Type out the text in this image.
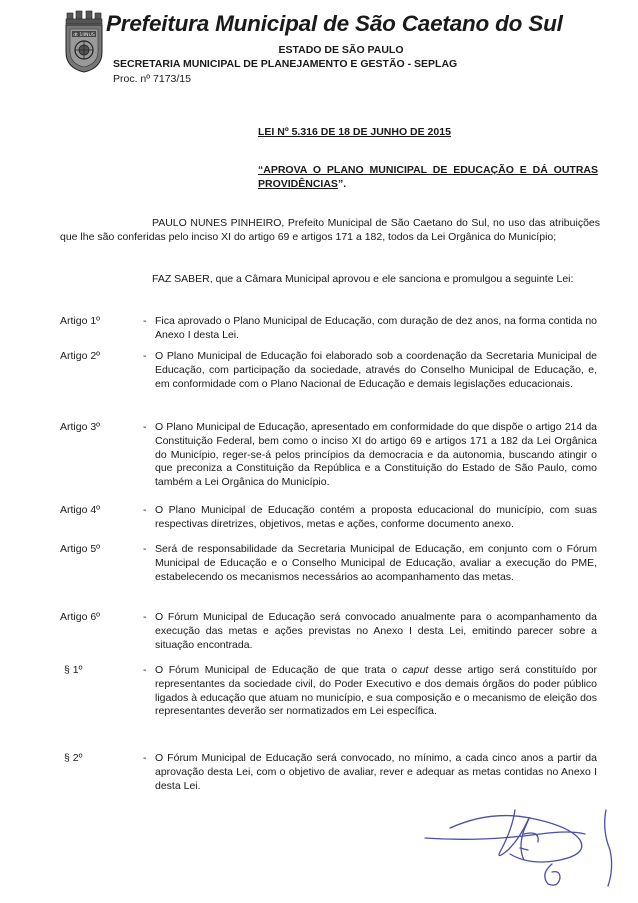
dt 1IINUS Prefeitura Municipal de São Caetano do Sul
ESTADO DE SÃO PAULO
SECRETARIA MUNICIPAL DE PLANEJAMENTO E GESTÃO - SEPLAG
Proc. nº 7173/15
LEI Nº 5.316 DE 18 DE JUNHO DE 2015
“APROVA O PLANO MUNICIPAL DE EDUCAÇÃO E DÁ OUTRAS PROVIDÊNCIAS”.
PAULO NUNES PINHEIRO, Prefeito Municipal de São Caetano do Sul, no uso das atribuições que lhe são conferidas pelo inciso XI do artigo 69 e artigos 171 a 182, todos da Lei Orgânica do Município;
FAZ SABER, que a Câmara Municipal aprovou e ele sanciona e promulgou a seguinte Lei:
Artigo 1º	- Fica aprovado o Plano Municipal de Educação, com duração de dez anos, na forma contida no Anexo I desta Lei.
Artigo 2º	- O Plano Municipal de Educação foi elaborado sob a coordenação da Secretaria Municipal de Educação, com participação da sociedade, através do Conselho Municipal de Educação, e, em conformidade com o Plano Nacional de Educação e demais legislações educacionais.
Artigo 3º	- O Plano Municipal de Educação, apresentado em conformidade do que dispõe o artigo 214 da Constituição Federal, bem como o inciso XI do artigo 69 e artigos 171 a 182 da Lei Orgânica do Município, reger-se-á pelos princípios da democracia e da autonomia, buscando atingir o que preconiza a Constituição da República e a Constituição do Estado de São Paulo, como também a Lei Orgânica do Município.
Artigo 4º	- O Plano Municipal de Educação contém a proposta educacional do município, com suas respectivas diretrizes, objetivos, metas e ações, conforme documento anexo.
Artigo 5º	- Será de responsabilidade da Secretaria Municipal de Educação, em conjunto com o Fórum Municipal de Educação e o Conselho Municipal de Educação, avaliar a execução do PME, estabelecendo os mecanismos necessários ao acompanhamento das metas.
Artigo 6º	- O Fórum Municipal de Educação será convocado anualmente para o acompanhamento da execução das metas e ações previstas no Anexo I desta Lei, emitindo parecer sobre a situação encontrada.
§ 1º	- O Fórum Municipal de Educação de que trata o caput desse artigo será constituído por representantes da sociedade civil, do Poder Executivo e dos demais órgãos do poder público ligados à educação que atuam no município, e sua composição e o mecanismo de eleição dos representantes deverão ser normatizados em Lei específica.
§ 2º	- O Fórum Municipal de Educação será convocado, no mínimo, a cada cinco anos a partir da aprovação desta Lei, com o objetivo de avaliar, rever e adequar as metas contidas no Anexo I desta Lei.
